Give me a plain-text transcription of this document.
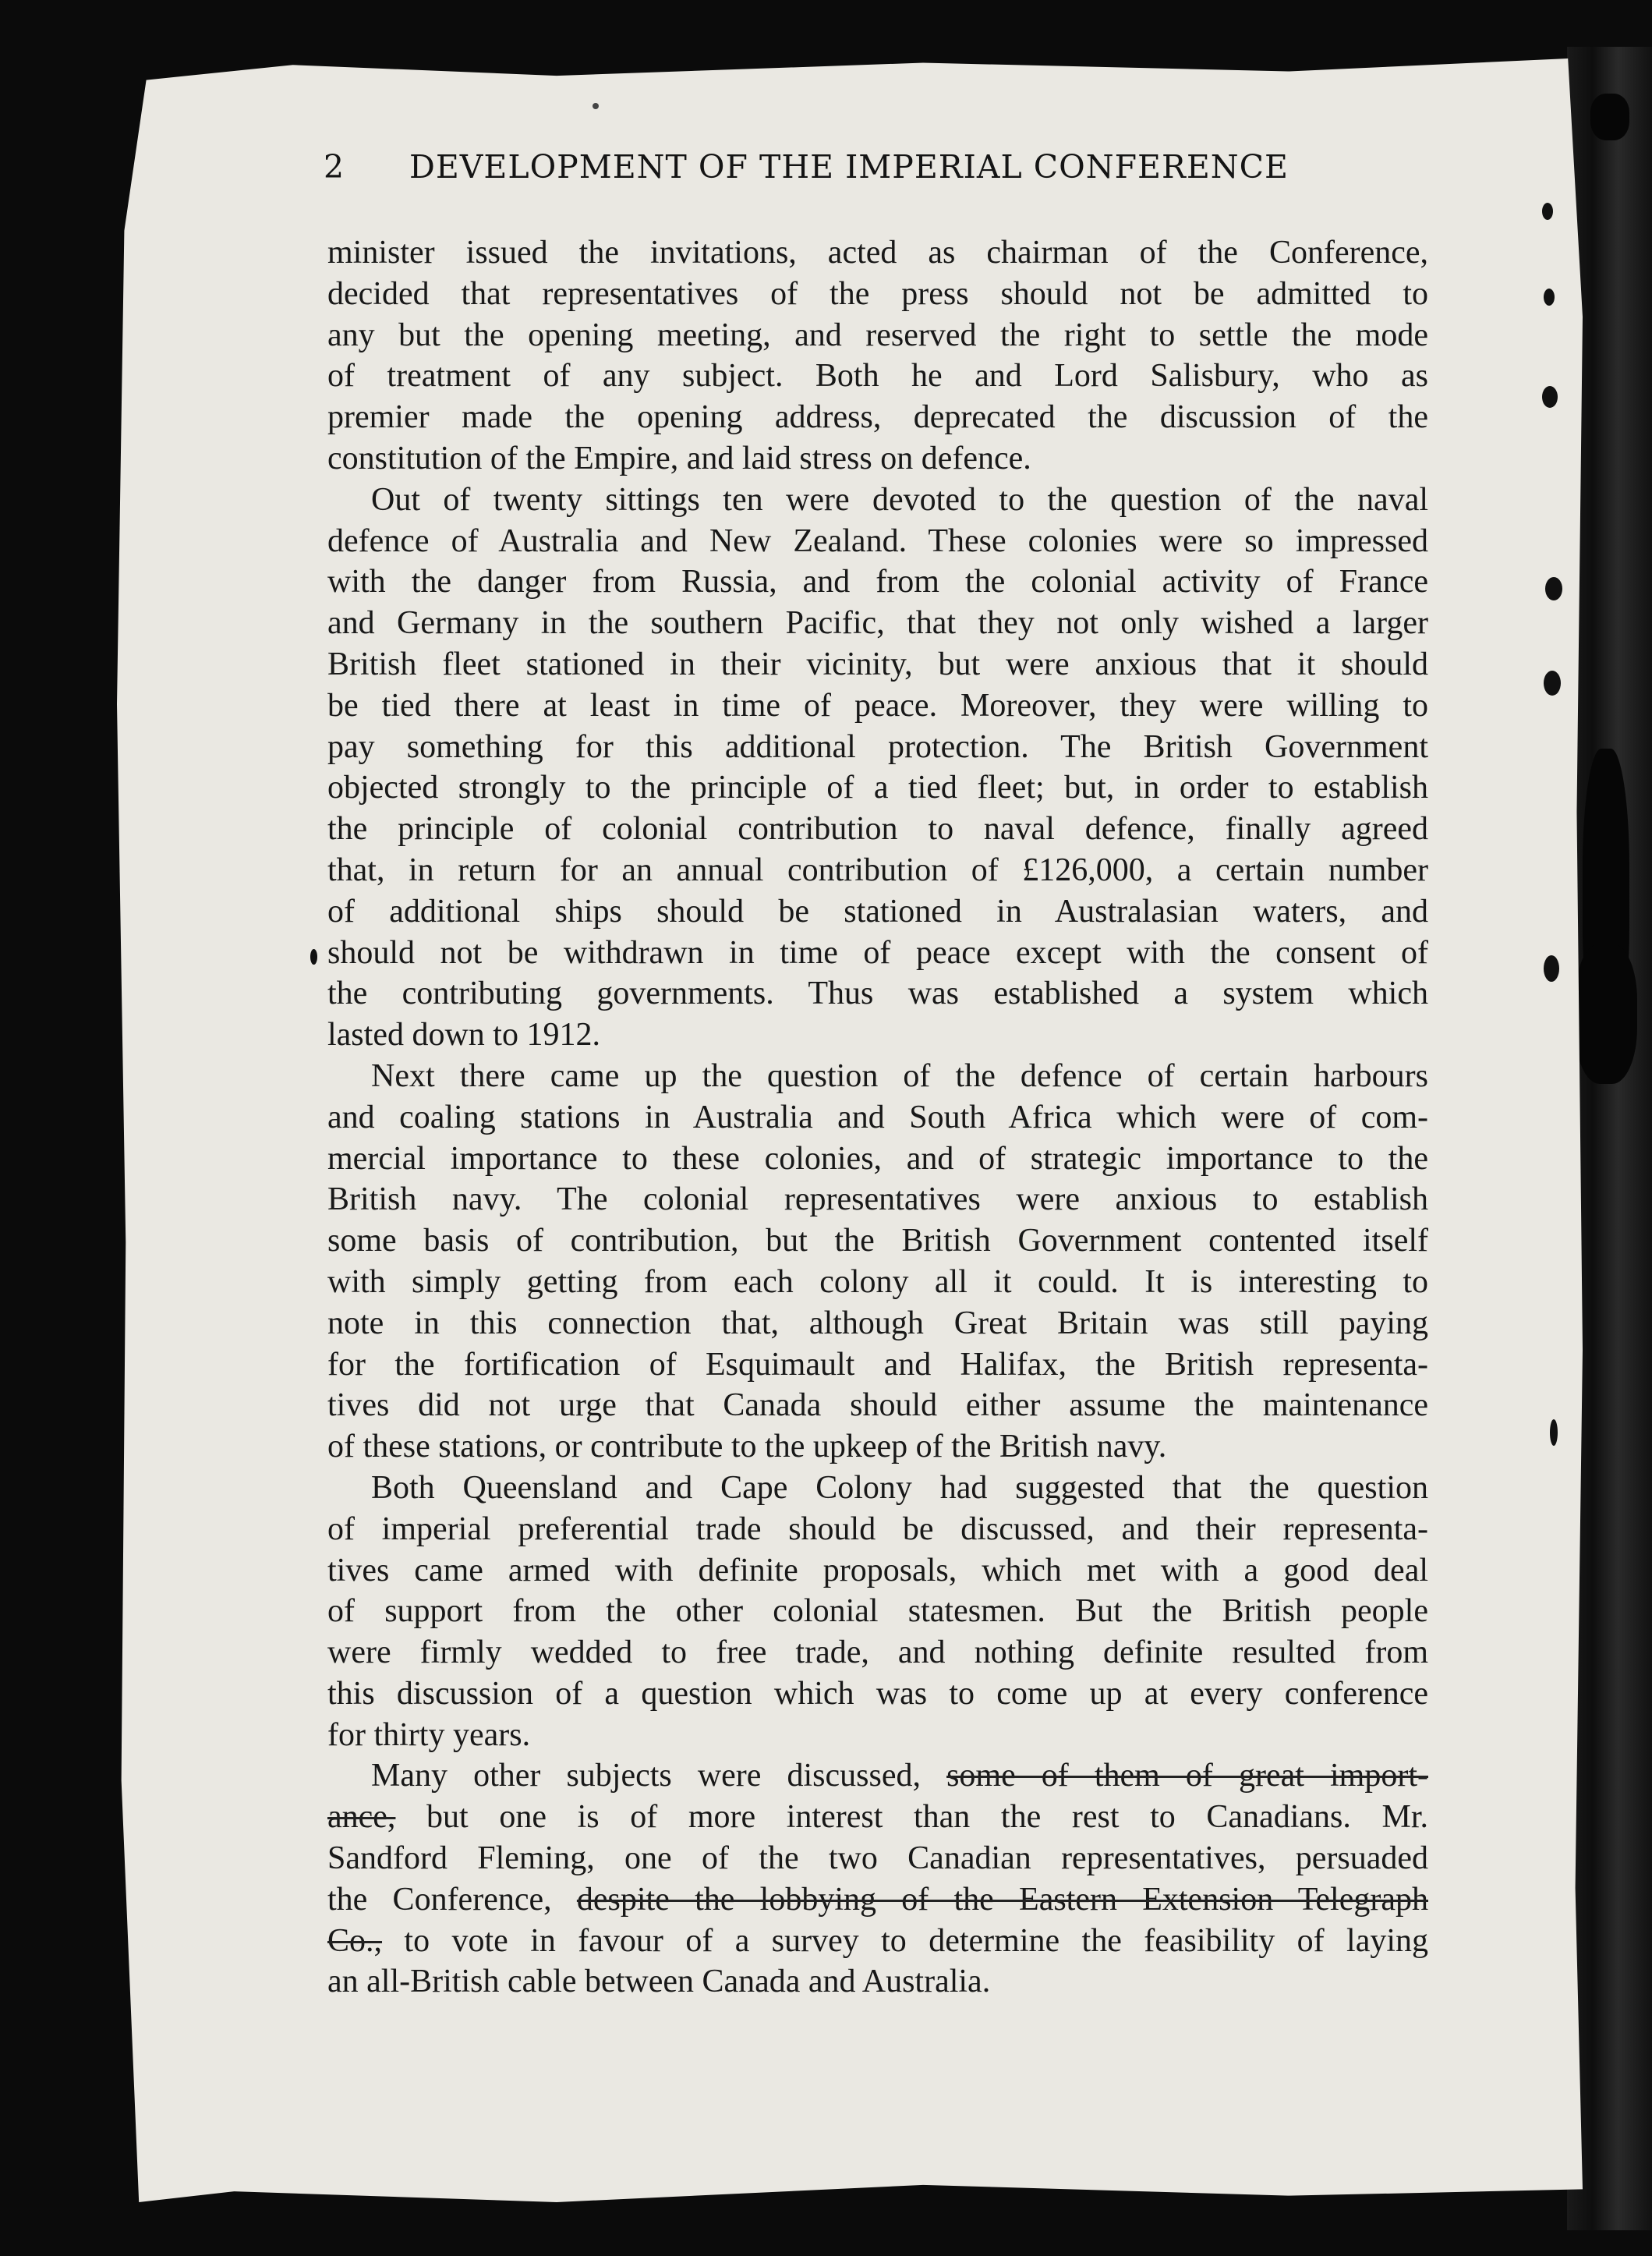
2 DEVELOPMENT OF THE IMPERIAL CONFERENCE
minister issued the invitations, acted as chairman of the Conference,
decided that representatives of the press should not be admitted to
any but the opening meeting, and reserved the right to settle the mode
of treatment of any subject. Both he and Lord Salisbury, who as
premier made the opening address, deprecated the discussion of the
constitution of the Empire, and laid stress on defence.
Out of twenty sittings ten were devoted to the question of the naval
defence of Australia and New Zealand. These colonies were so impressed
with the danger from Russia, and from the colonial activity of France
and Germany in the southern Pacific, that they not only wished a larger
British fleet stationed in their vicinity, but were anxious that it should
be tied there at least in time of peace. Moreover, they were willing to
pay something for this additional protection. The British Government
objected strongly to the principle of a tied fleet; but, in order to establish
the principle of colonial contribution to naval defence, finally agreed
that, in return for an annual contribution of £126,000, a certain number
of additional ships should be stationed in Australasian waters, and
should not be withdrawn in time of peace except with the consent of
the contributing governments. Thus was established a system which
lasted down to 1912.
Next there came up the question of the defence of certain harbours
and coaling stations in Australia and South Africa which were of com-
mercial importance to these colonies, and of strategic importance to the
British navy. The colonial representatives were anxious to establish
some basis of contribution, but the British Government contented itself
with simply getting from each colony all it could. It is interesting to
note in this connection that, although Great Britain was still paying
for the fortification of Esquimault and Halifax, the British representa-
tives did not urge that Canada should either assume the maintenance
of these stations, or contribute to the upkeep of the British navy.
Both Queensland and Cape Colony had suggested that the question
of imperial preferential trade should be discussed, and their representa-
tives came armed with definite proposals, which met with a good deal
of support from the other colonial statesmen. But the British people
were firmly wedded to free trade, and nothing definite resulted from
this discussion of a question which was to come up at every conference
for thirty years.
Many other subjects were discussed, some of them of great import-
ance, but one is of more interest than the rest to Canadians. Mr.
Sandford Fleming, one of the two Canadian representatives, persuaded
the Conference, despite the lobbying of the Eastern Extension Telegraph
Co., to vote in favour of a survey to determine the feasibility of laying
an all-British cable between Canada and Australia.
